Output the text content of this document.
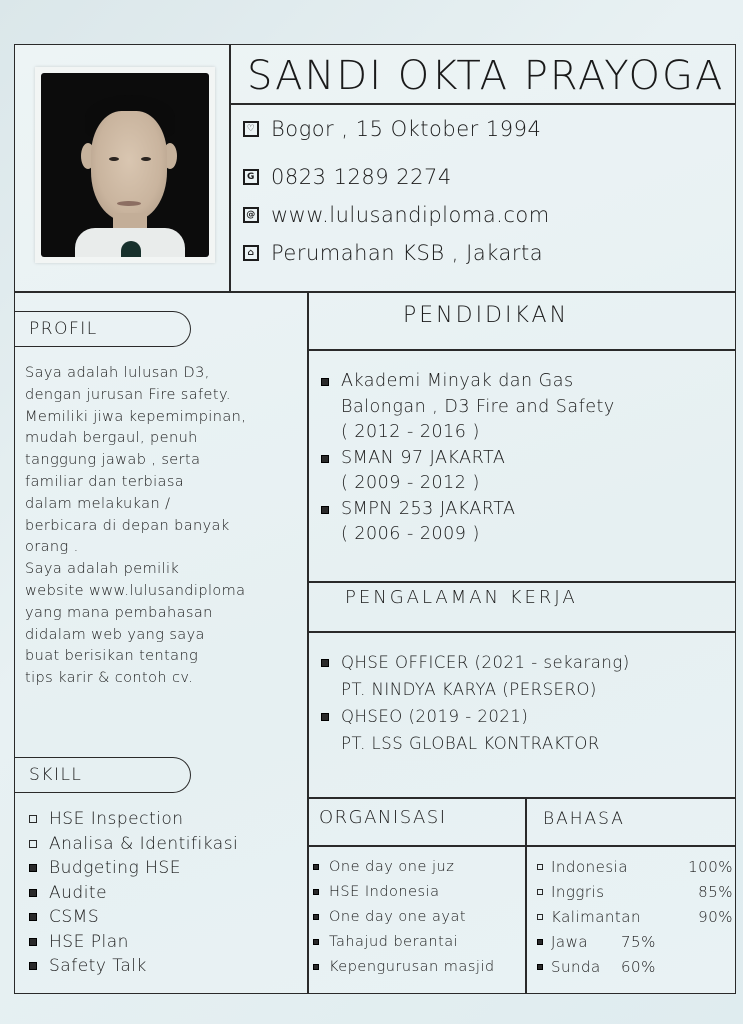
SANDI OKTA PRAYOGA
♡ Bogor , 15 Oktober 1994
G 0823 1289 2274
@ www.lulusandiploma.com
⌂ Perumahan KSB , Jakarta
PROFIL
Saya adalah lulusan D3,
dengan jurusan Fire safety.
Memiliki jiwa kepemimpinan,
mudah bergaul, penuh
tanggung jawab , serta
familiar dan terbiasa
dalam melakukan /
berbicara di depan banyak
orang .
Saya adalah pemilik
website www.lulusandiploma
yang mana pembahasan
didalam web yang saya
buat berisikan tentang
tips karir & contoh cv.
SKILL
HSE Inspection
Analisa & Identifikasi
Budgeting HSE
Audite
CSMS
HSE Plan
Safety Talk
PENDIDIKAN
Akademi Minyak dan Gas
Balongan , D3 Fire and Safety
( 2012 - 2016 )
SMAN 97 JAKARTA
( 2009 - 2012 )
SMPN 253 JAKARTA
( 2006 - 2009 )
PENGALAMAN KERJA
QHSE OFFICER (2021 - sekarang)
PT. NINDYA KARYA (PERSERO)
QHSEO (2019 - 2021)
PT. LSS GLOBAL KONTRAKTOR
ORGANISASI
One day one juz
HSE Indonesia
One day one ayat
Tahajud berantai
Kepengurusan masjid
BAHASA
Indonesia	100%
Inggris	85%
Kalimantan	90%
Jawa	75%
Sunda	60%
